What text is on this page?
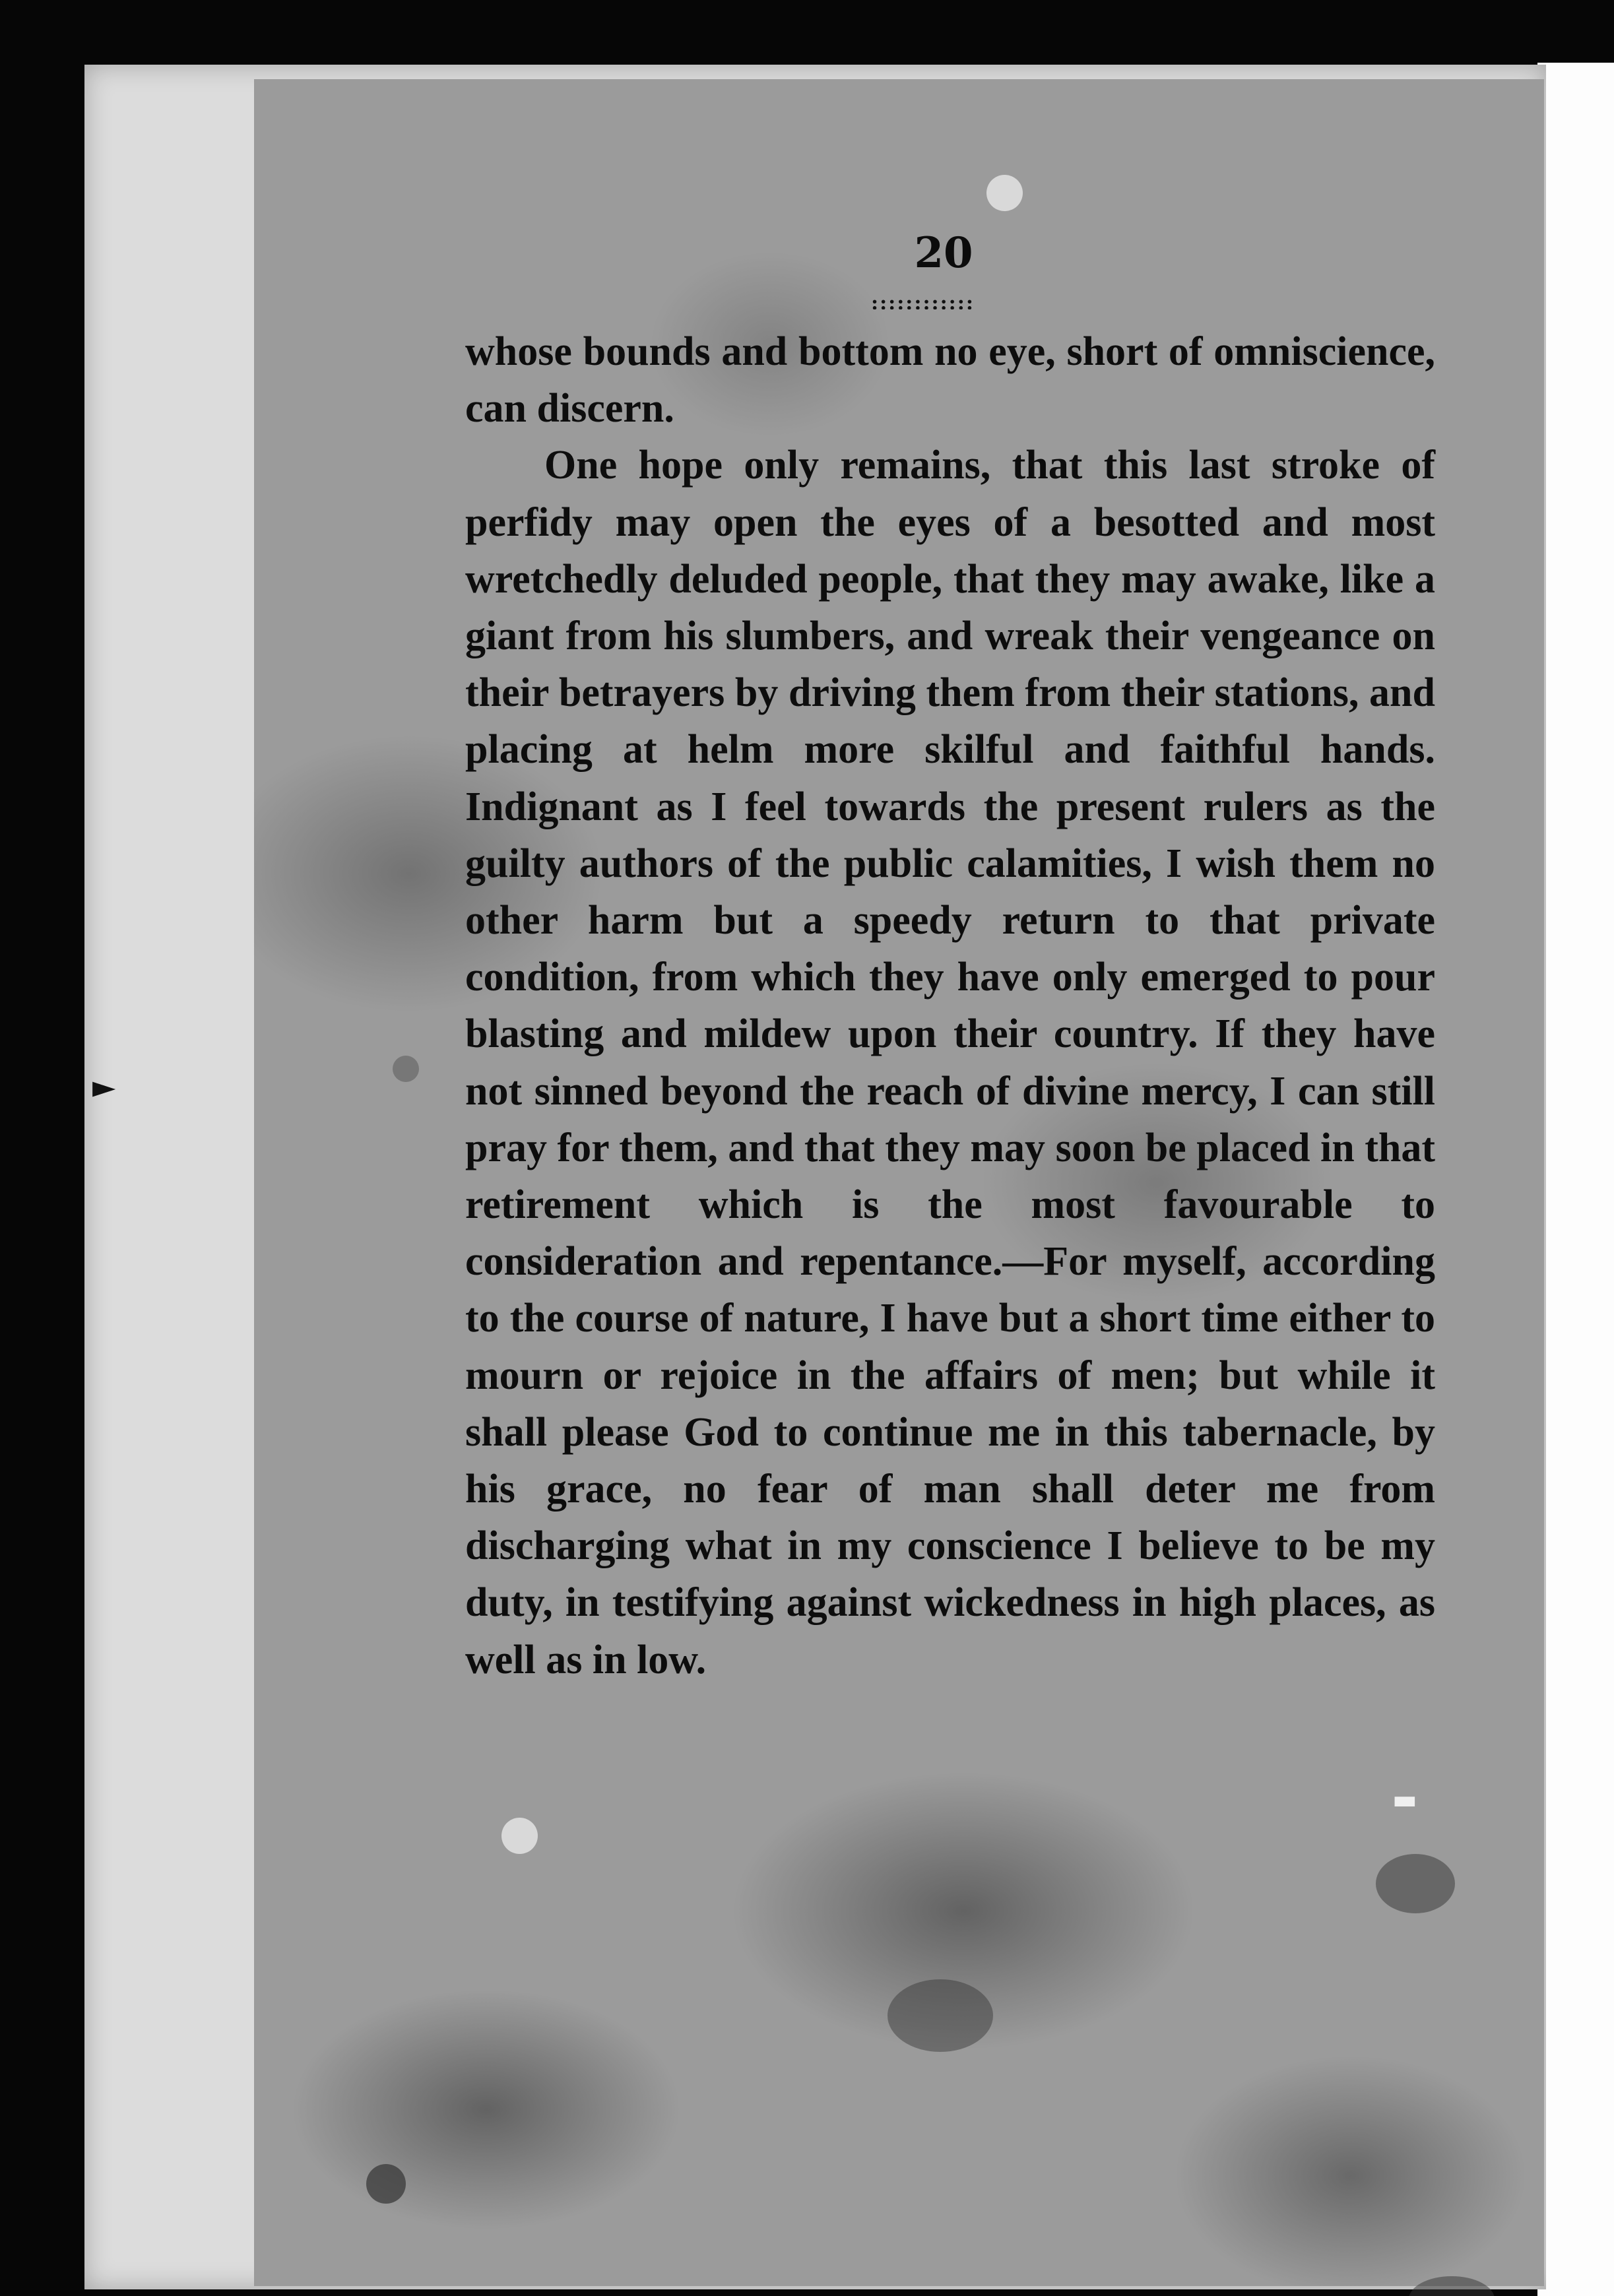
20
::::::::::::

whose bounds and bottom no eye, short of omniscience, can discern.

One hope only remains, that this last stroke of perfidy may open the eyes of a besotted and most wretchedly deluded people, that they may awake, like a giant from his slumbers, and wreak their vengeance on their betrayers by driving them from their stations, and placing at helm more skilful and faithful hands. Indignant as I feel towards the present rulers as the guilty authors of the public calamities, I wish them no other harm but a speedy return to that private condition, from which they have only emerged to pour blasting and mildew upon their country. If they have not sinned beyond the reach of divine mercy, I can still pray for them, and that they may soon be placed in that retirement which is the most favourable to consideration and repentance.—For myself, according to the course of nature, I have but a short time either to mourn or rejoice in the affairs of men; but while it shall please God to continue me in this tabernacle, by his grace, no fear of man shall deter me from discharging what in my conscience I believe to be my duty, in testifying against wickedness in high places, as well as in low.

►
▬
